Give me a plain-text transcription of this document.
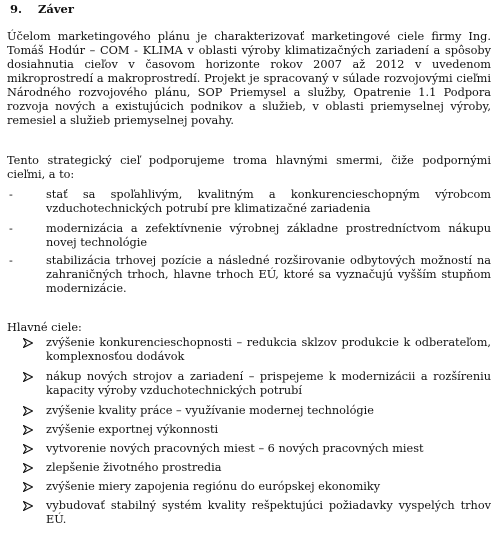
9. Záver
Účelom marketingového plánu je charakterizovať marketingové ciele firmy Ing. Tomáš Hodúr – COM - KLIMA v oblasti výroby klimatizačných zariadení a spôsoby dosiahnutia cieľov v časovom horizonte rokov 2007 až 2012 v uvedenom mikroprostredí a makroprostredí. Projekt je spracovaný v súlade rozvojovými cieľmi Národného rozvojového plánu, SOP Priemysel a služby, Opatrenie 1.1 Podpora rozvoja nových a existujúcich podnikov a služieb, v oblasti priemyselnej výroby, remesiel a služieb priemyselnej povahy.
Tento strategický cieľ podporujeme troma hlavnými smermi, čiže podpornými cieľmi, a to:
-	stať sa spoľahlivým, kvalitným a konkurencieschopným výrobcom vzduchotechnických potrubí pre klimatizačné zariadenia
-	modernizácia a zefektívnenie výrobnej základne prostredníctvom nákupu novej technológie
-	stabilizácia trhovej pozície a následné rozširovanie odbytových možností na zahraničných trhoch, hlavne trhoch EÚ, ktoré sa vyznačujú vyšším stupňom modernizácie.
Hlavné ciele:
zvýšenie konkurencieschopnosti – redukcia sklzov produkcie k odberateľom, komplexnosťou dodávok
nákup nových strojov a zariadení – prispejeme k modernizácii a rozšíreniu kapacity výroby vzduchotechnických potrubí
zvýšenie kvality práce – využívanie modernej technológie
zvýšenie exportnej výkonnosti
vytvorenie nových pracovných miest – 6 nových pracovných miest
zlepšenie životného prostredia
zvýšenie miery zapojenia regiónu do európskej ekonomiky
vybudovať stabilný systém kvality rešpektujúci požiadavky vyspelých trhov EÚ.
